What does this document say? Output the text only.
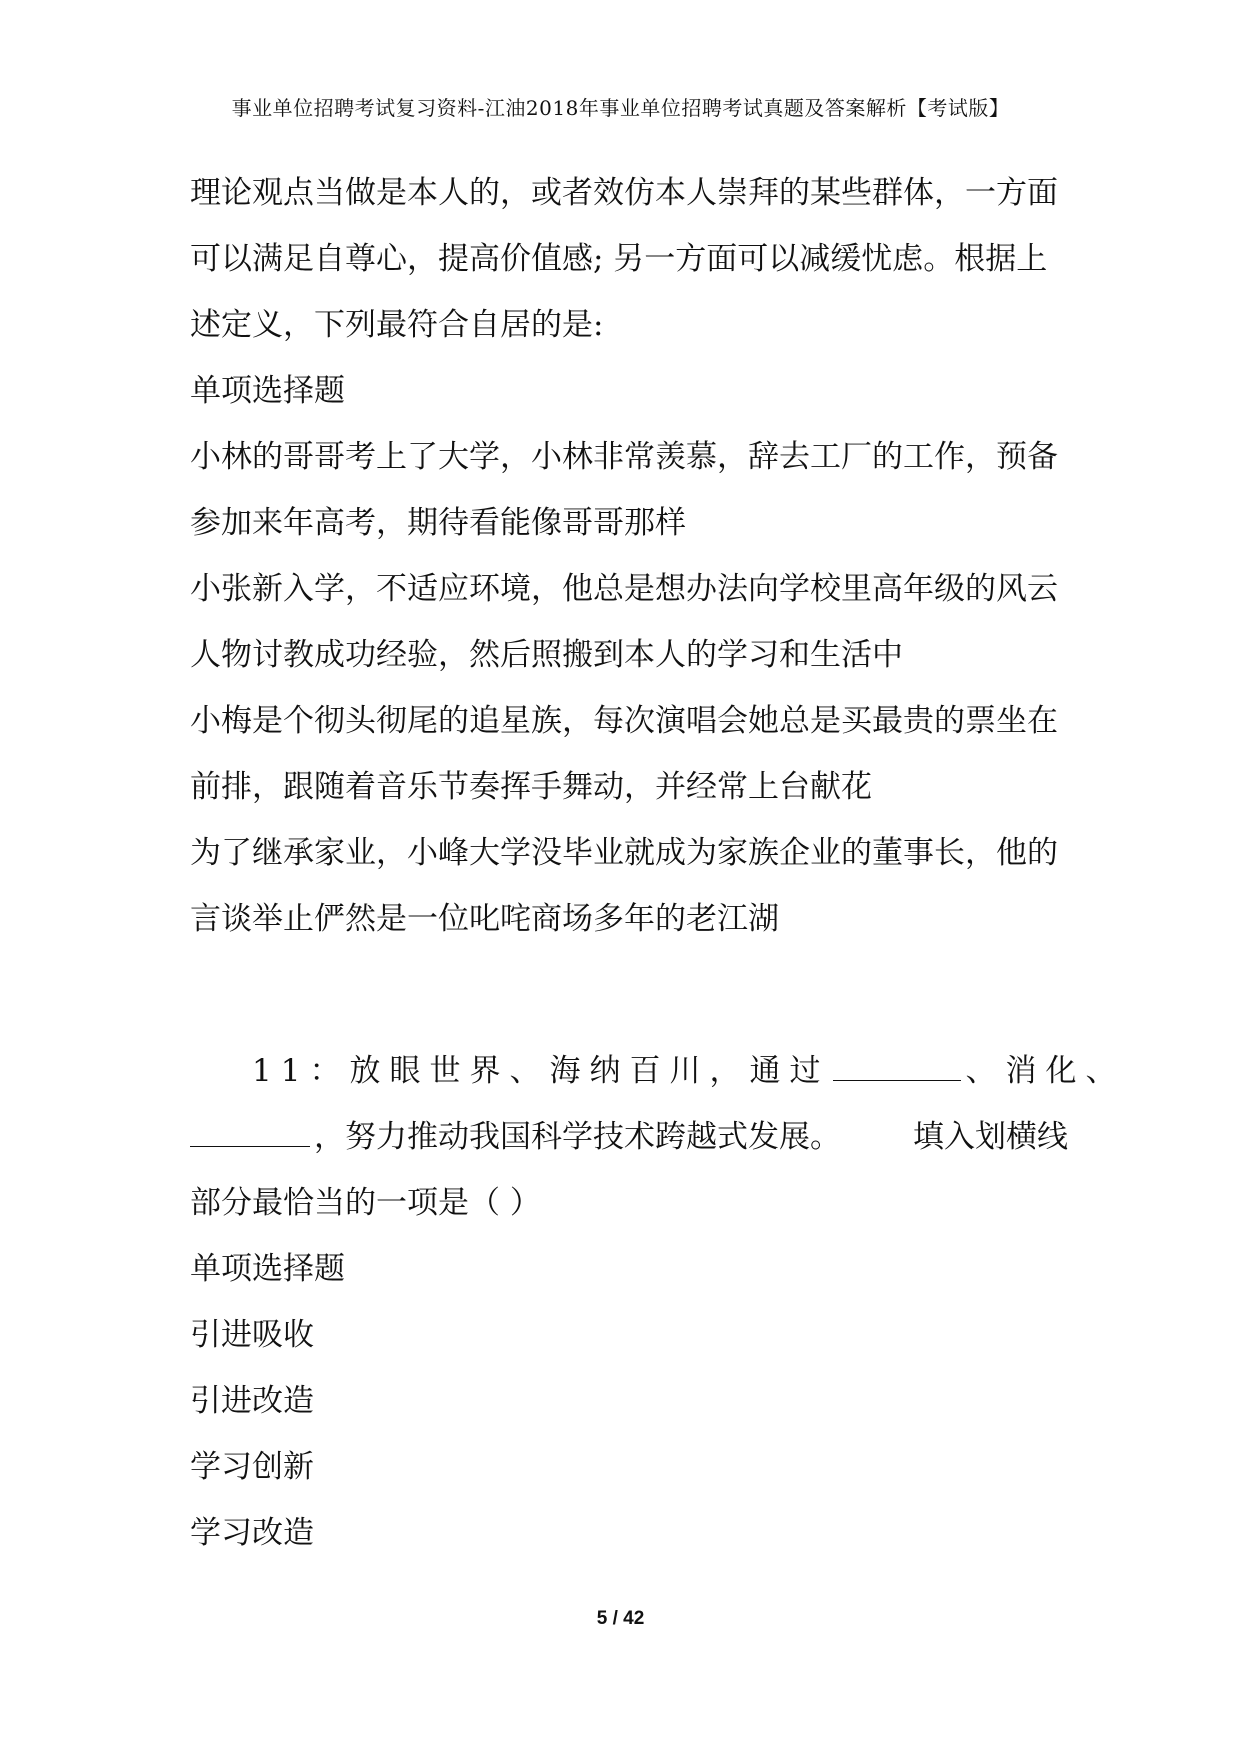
事业单位招聘考试复习资料-江油2018年事业单位招聘考试真题及答案解析【考试版】
理论观点当做是本人的，或者效仿本人崇拜的某些群体，一方面
可以满足自尊心，提高价值感; 另一方面可以减缓忧虑。根据上
述定义，下列最符合自居的是:
单项选择题
小林的哥哥考上了大学，小林非常羡慕，辞去工厂的工作，预备
参加来年高考，期待看能像哥哥那样
小张新入学，不适应环境，他总是想办法向学校里高年级的风云
人物讨教成功经验，然后照搬到本人的学习和生活中
小梅是个彻头彻尾的追星族，每次演唱会她总是买最贵的票坐在
前排，跟随着音乐节奏挥手舞动，并经常上台献花
为了继承家业，小峰大学没毕业就成为家族企业的董事长，他的
言谈举止俨然是一位叱咤商场多年的老江湖
11：放眼世界、海纳百川，通过	、消化、
，努力推动我国科学技术跨越式发展。 填入划横线
部分最恰当的一项是（ ）
单项选择题
引进吸收
引进改造
学习创新
学习改造
5 / 42
